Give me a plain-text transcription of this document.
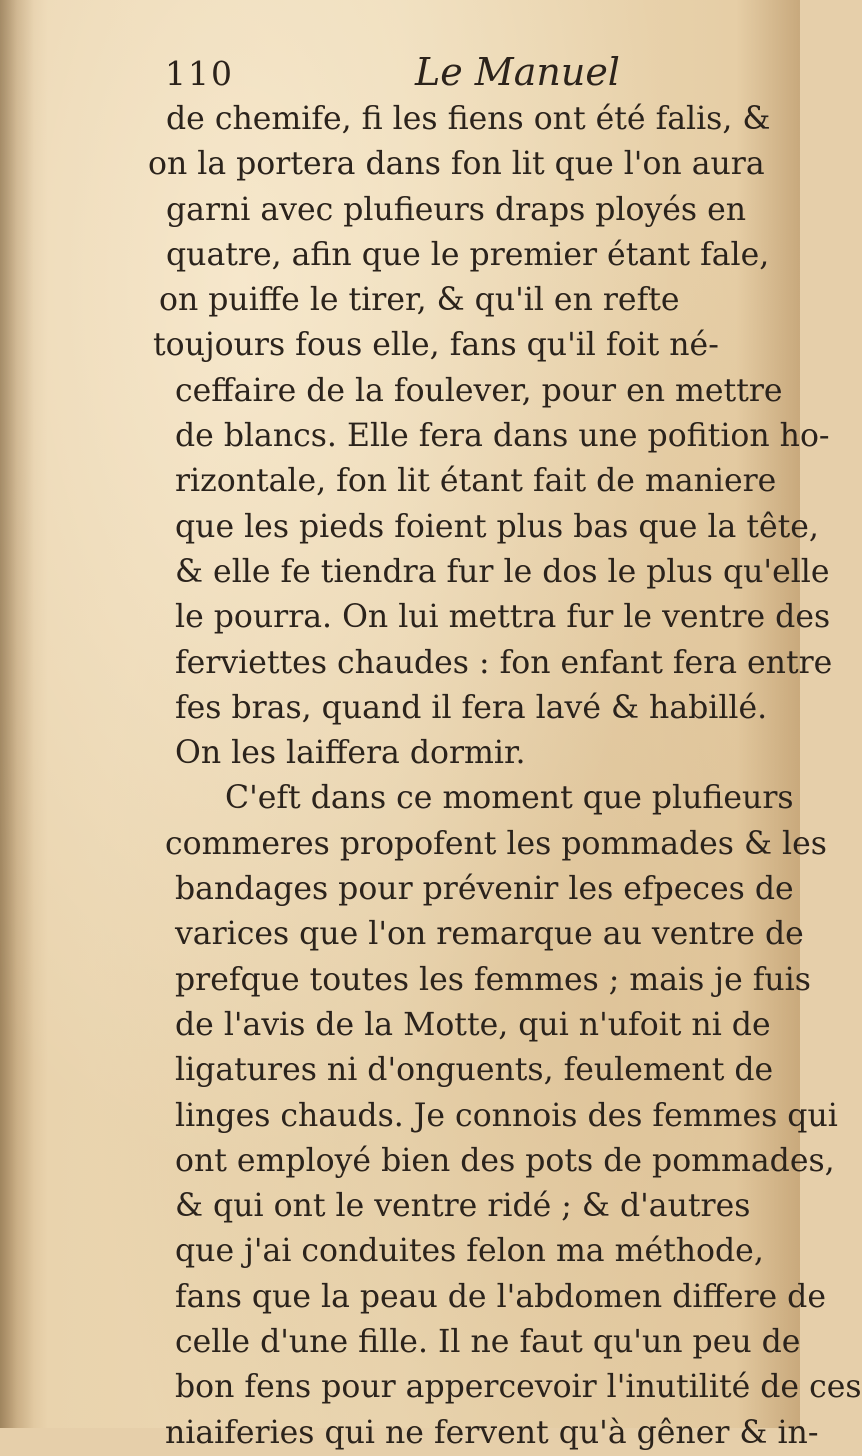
110	Le Manuel
de chemife, fi les fiens ont été falis, &
on la portera dans fon lit que l'on aura
garni avec plufieurs draps ployés en
quatre, afin que le premier étant fale,
on puiffe le tirer, & qu'il en refte
toujours fous elle, fans qu'il foit né-
ceffaire de la foulever, pour en mettre
de blancs. Elle fera dans une pofition ho-
rizontale, fon lit étant fait de maniere
que les pieds foient plus bas que la tête,
& elle fe tiendra fur le dos le plus qu'elle
le pourra. On lui mettra fur le ventre des
ferviettes chaudes : fon enfant fera entre
fes bras, quand il fera lavé & habillé.
On les laiffera dormir.
C'eft dans ce moment que plufieurs
commeres propofent les pommades & les
bandages pour prévenir les efpeces de
varices que l'on remarque au ventre de
prefque toutes les femmes ; mais je fuis
de l'avis de la Motte, qui n'ufoit ni de
ligatures ni d'onguents, feulement de
linges chauds. Je connois des femmes qui
ont employé bien des pots de pommades,
& qui ont le ventre ridé ; & d'autres
que j'ai conduites felon ma méthode,
fans que la peau de l'abdomen differe de
celle d'une fille. Il ne faut qu'un peu de
bon fens pour appercevoir l'inutilité de ces
niaiferies qui ne fervent qu'à gêner & in-
